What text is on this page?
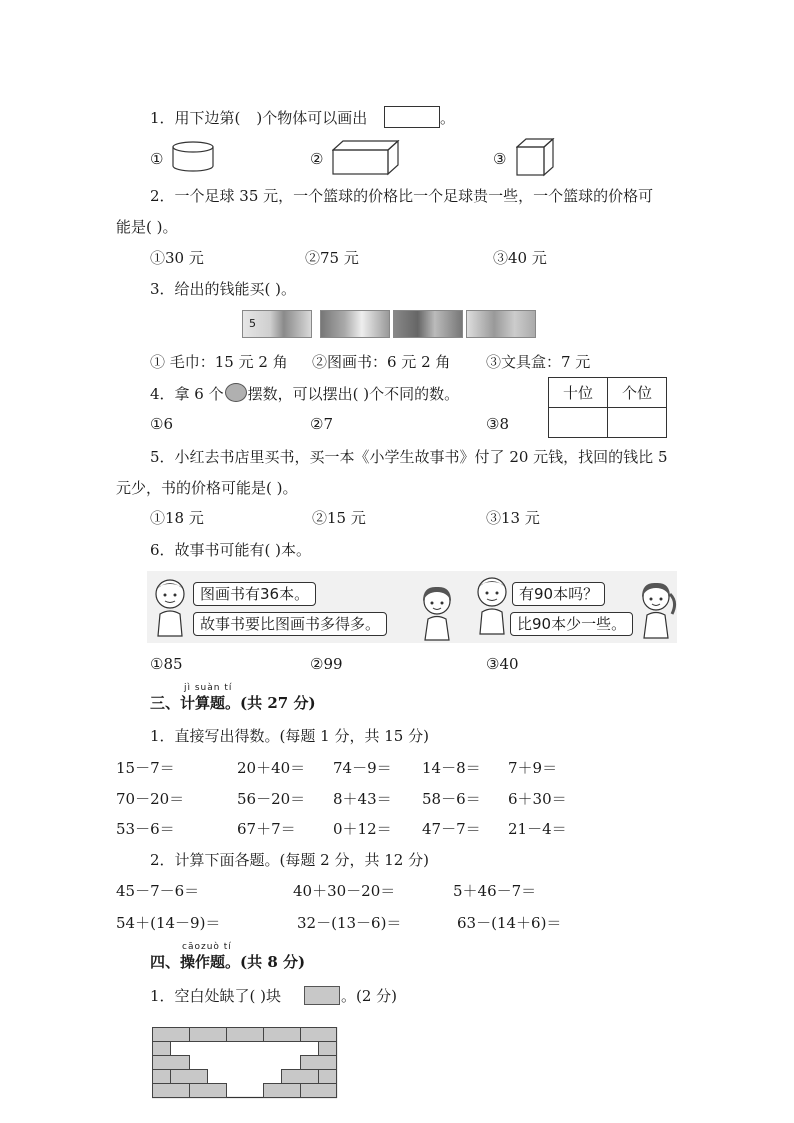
1．用下边第( )个物体可以画出	。
①	②	③
2．一个足球 35 元，一个篮球的价格比一个足球贵一些，一个篮球的价格可
能是( )。
①30 元	②75 元	③40 元
3．给出的钱能买( )。
5
① 毛巾：15 元 2 角 ②图画书：6 元 2 角 ③文具盒：7 元
4．拿 6 个 摆数，可以摆出( )个不同的数。	十位	个位

①6	②7	③8
5．小红去书店里买书，买一本《小学生故事书》付了 20 元钱，找回的钱比 5
元少，书的价格可能是( )。
①18 元	②15 元	③13 元
6．故事书可能有( )本。
图画书有36本。
故事书要比图画书多得多。
有90本吗？
比90本少一些。
①85	②99	③40
jì suàn tí
三、计算题。(共 27 分)
1．直接写出得数。(每题 1 分，共 15 分)
15－7＝	20＋40＝ 74－9＝ 14－8＝ 7＋9＝
70－20＝	56－20＝ 8＋43＝ 58－6＝ 6＋30＝
53－6＝	67＋7＝ 0＋12＝ 47－7＝ 21－4＝
2．计算下面各题。(每题 2 分，共 12 分)
45－7－6＝	40＋30－20＝	5＋46－7＝
54＋(14－9)＝	32－(13－6)＝	63－(14＋6)＝
cāozuò tí
四、操作题。(共 8 分)
1．空白处缺了( )块	。(2 分)
